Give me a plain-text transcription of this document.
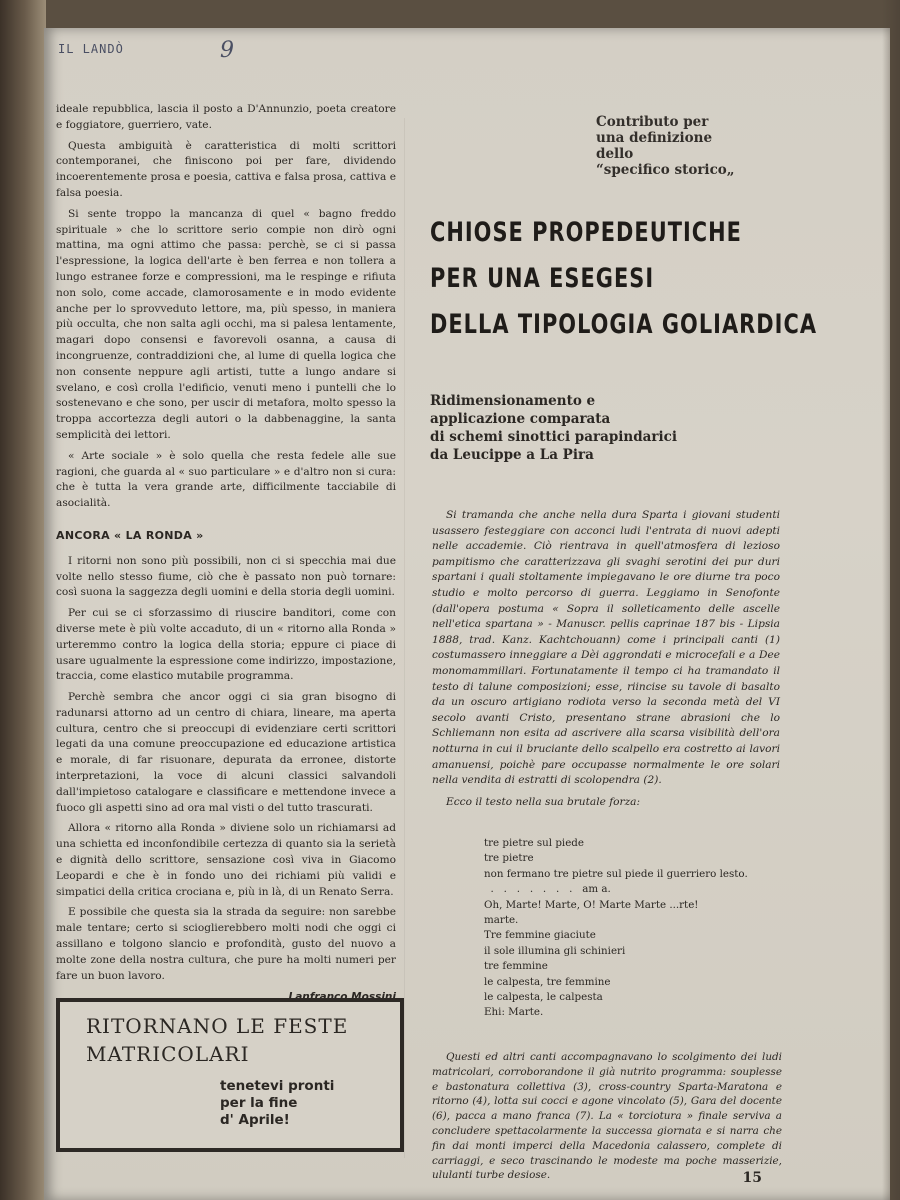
IL LANDÒ	9

ideale repubblica, lascia il posto a D'Annunzio, poeta creatore e foggiatore, guerriero, vate.

Questa ambiguità è caratteristica di molti scrittori contemporanei, che finiscono poi per fare, dividendo incoerentemente prosa e poesia, cattiva e falsa prosa, cattiva e falsa poesia.

Si sente troppo la mancanza di quel « bagno freddo spirituale » che lo scrittore serio compie non dirò ogni mattina, ma ogni attimo che passa: perchè, se ci si passa l'espressione, la logica dell'arte è ben ferrea e non tollera a lungo estranee forze e compressioni, ma le respinge e rifiuta non solo, come accade, clamorosamente e in modo evidente anche per lo sprovveduto lettore, ma, più spesso, in maniera più occulta, che non salta agli occhi, ma si palesa lentamente, magari dopo consensi e favorevoli osanna, a causa di incongruenze, contraddizioni che, al lume di quella logica che non consente neppure agli artisti, tutte a lungo andare si svelano, e così crolla l'edificio, venuti meno i puntelli che lo sostenevano e che sono, per uscir di metafora, molto spesso la troppa accortezza degli autori o la dabbenaggine, la santa semplicità dei lettori.

« Arte sociale » è solo quella che resta fedele alle sue ragioni, che guarda al « suo particulare » e d'altro non si cura: che è tutta la vera grande arte, difficilmente tacciabile di asocialità.

ANCORA « LA RONDA »

I ritorni non sono più possibili, non ci si specchia mai due volte nello stesso fiume, ciò che è passato non può tornare: così suona la saggezza degli uomini e della storia degli uomini.

Per cui se ci sforzassimo di riuscire banditori, come con diverse mete è più volte accaduto, di un « ritorno alla Ronda » urteremmo contro la logica della storia; eppure ci piace di usare ugualmente la espressione come indirizzo, impostazione, traccia, come elastico mutabile programma.

Perchè sembra che ancor oggi ci sia gran bisogno di radunarsi attorno ad un centro di chiara, lineare, ma aperta cultura, centro che si preoccupi di evidenziare certi scrittori legati da una comune preoccupazione ed educazione artistica e morale, di far risuonare, depurata da erronee, distorte interpretazioni, la voce di alcuni classici salvandoli dall'impietoso catalogare e classificare e mettendone invece a fuoco gli aspetti sino ad ora mal visti o del tutto trascurati.

Allora « ritorno alla Ronda » diviene solo un richiamarsi ad una schietta ed inconfondibile certezza di quanto sia la serietà e dignità dello scrittore, sensazione così viva in Giacomo Leopardi e che è in fondo uno dei richiami più validi e simpatici della critica crociana e, più in là, di un Renato Serra.

E possibile che questa sia la strada da seguire: non sarebbe male tentare; certo si scioglierebbero molti nodi che oggi ci assillano e tolgono slancio e profondità, gusto del nuovo a molte zone della nostra cultura, che pure ha molti numeri per fare un buon lavoro.

RITORNANO LE FESTE
MATRICOLARI
tenetevi pronti
per la fine
d' Aprile!
Contributo per
una definizione
dello
“specifico storico„
CHIOSE PROPEDEUTICHE
PER UNA ESEGESI
DELLA TIPOLOGIA GOLIARDICA
Ridimensionamento e
applicazione comparata
di schemi sinottici parapindarici
da Leucippe a La Pira

Si tramanda che anche nella dura Sparta i giovani studenti usassero festeggiare con acconci ludi l'entrata di nuovi adepti nelle accademie. Ciò rientrava in quell'atmosfera di lezioso pampitismo che caratterizzava gli svaghi serotini dei pur duri spartani i quali stoltamente impiegavano le ore diurne tra poco studio e molto percorso di guerra. Leggiamo in Senofonte (dall'opera postuma « Sopra il solleticamento delle ascelle nell'etica spartana » - Manuscr. pellis caprinae 187 bis - Lipsia 1888, trad. Kanz. Kachtchouann) come i principali canti (1) costumassero inneggiare a Dèi aggrondati e microcefali e a Dee monomammillari. Fortunatamente il tempo ci ha tramandato il testo di talune composizioni; esse, riincise su tavole di basalto da un oscuro artigiano rodiota verso la seconda metà del VI secolo avanti Cristo, presentano strane abrasioni che lo Schliemann non esita ad ascrivere alla scarsa visibilità dell'ora notturna in cui il bruciante dello scalpello era costretto ai lavori amanuensi, poichè pare occupasse normalmente le ore solari nella vendita di estratti di scolopendra (2).

Ecco il testo nella sua brutale forza:

tre pietre sul piede
tre pietre
non fermano tre pietre sul piede il guerriero lesto.
.   .   .   .   .   .   .   am a.
Oh, Marte! Marte, O! Marte Marte ...rte!
marte.
Tre femmine giaciute
il sole illumina gli schinieri
tre femmine
le calpesta, tre femmine
le calpesta, le calpesta
Ehi: Marte.

Questi ed altri canti accompagnavano lo scolgimento dei ludi matricolari, corroborandone il già nutrito programma: souplesse e bastonatura collettiva (3), cross-country Sparta-Maratona e ritorno (4), lotta sui cocci e agone vincolato (5), Gara del docente (6), pacca a mano franca (7). La « torciotura » finale serviva a concludere spettacolarmente la successa giornata e si narra che fin dai monti imperci della Macedonia calassero, complete di carriaggi, e seco trascinando le modeste ma poche masserizie, ululanti turbe desiose.	15
